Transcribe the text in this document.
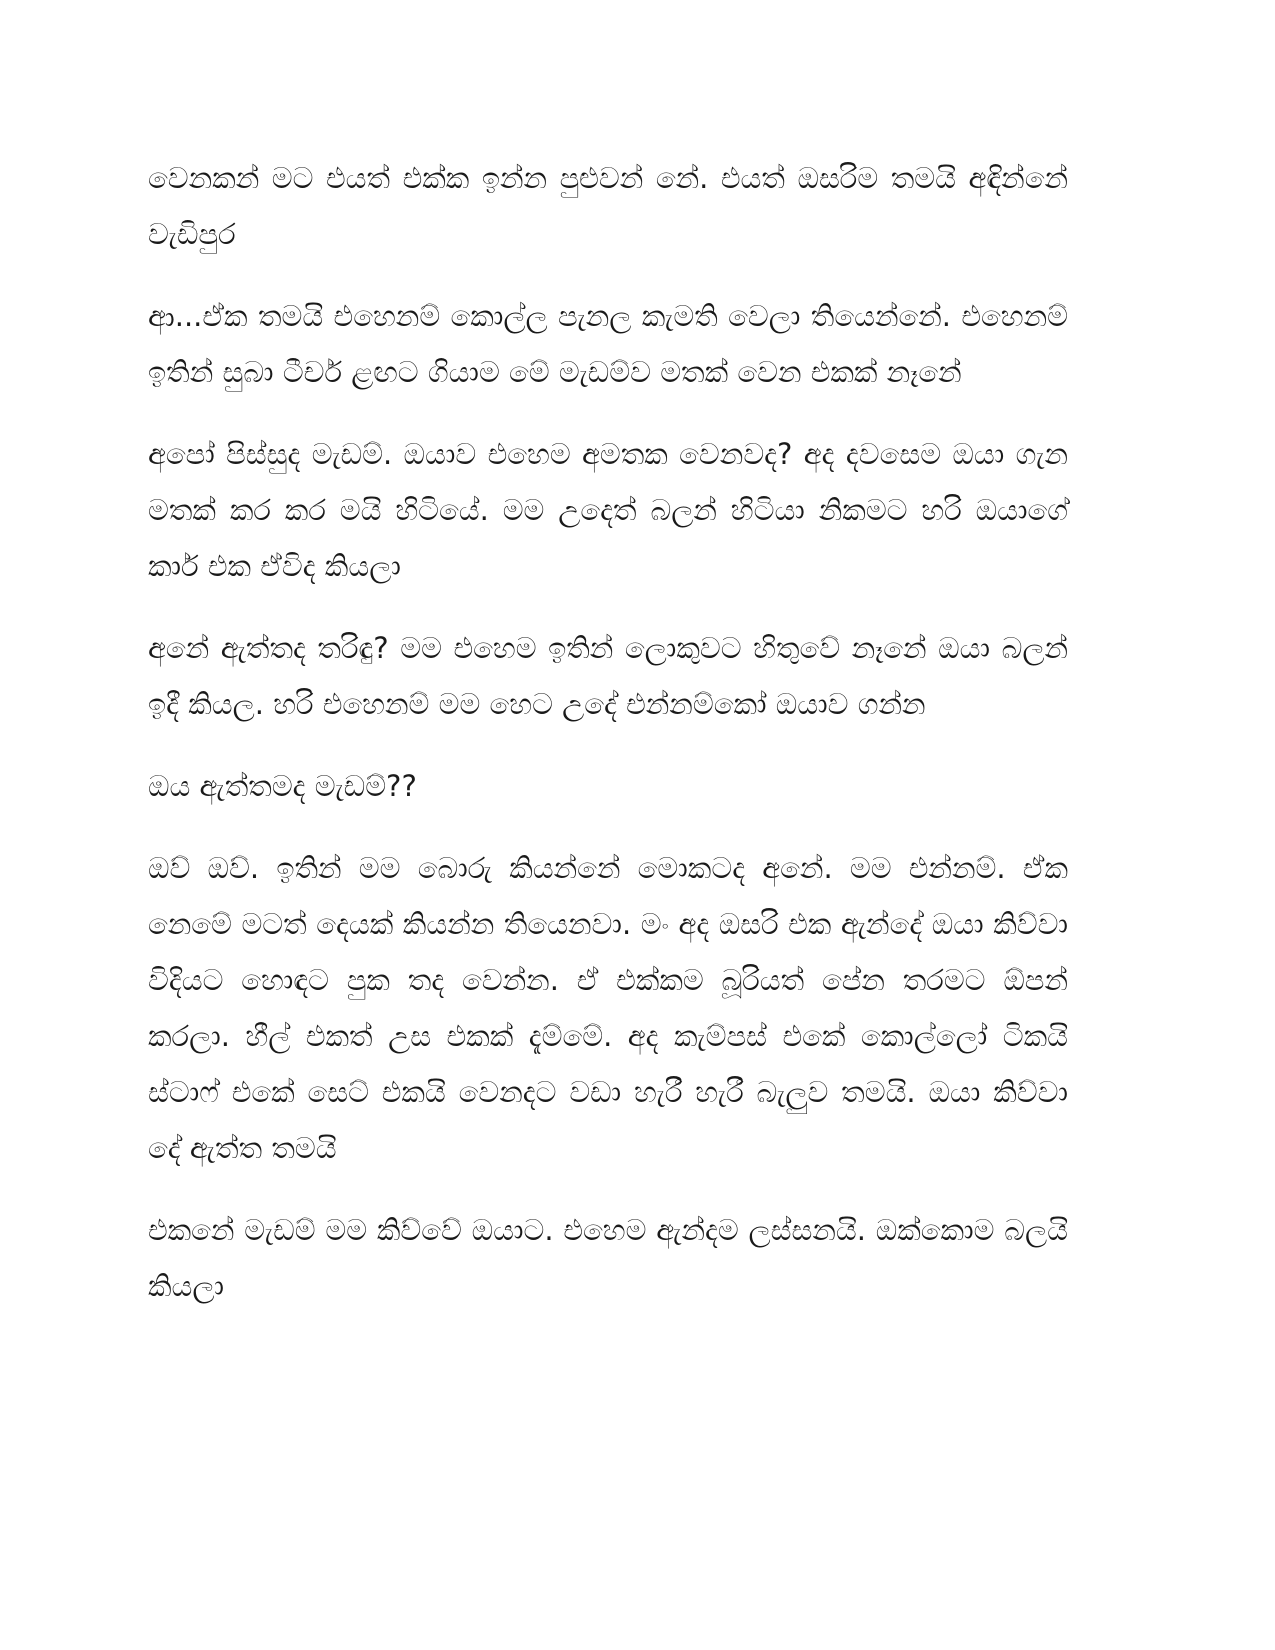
වෙනකන් මට එයත් එක්ක ඉන්න පුළුවන් නේ. එයත් ඔසරිම තමයි අඳින්නේ වැඩිපුර

ආ...ඒක තමයි එහෙනම් කොල්ල පැනල කැමති වෙලා තියෙන්නේ. එහෙනම් ඉතින් සුබා ටීචර් ළඟට ගියාම මේ මැඩම්ව මතක් වෙන එකක් නෑනේ

අපෝ පිස්සුද මැඩම්. ඔයාව එහෙම අමතක වෙනවද? අද දවසෙම ඔයා ගැන මතක් කර කර මයි හිටියේ. මම උදෙත් බලන් හිටියා නිකමට හරි ඔයාගේ කාර් එක ඒවිද කියලා

අනේ ඇත්තද තරිඳු? මම එහෙම ඉතින් ලොකුවට හිතුවේ නෑනේ ඔයා බලන් ඉදී කියල. හරි එහෙනම් මම හෙට උදේ එන්නම්කෝ ඔයාව ගන්න

ඔය ඇත්තමද මැඩම්??

ඔව් ඔව්. ඉතින් මම බොරු කියන්නේ මොකටද අනේ. මම එන්නම්. ඒක නෙමේ මටත් දෙයක් කියන්න තියෙනවා. මං අද ඔසරි එක ඇන්දේ ඔයා කිව්වා විදියට හොඳට පුක තද වෙන්න. ඒ එක්කම බූරියත් පේන තරමට ඕපන් කරලා. හීල් එකත් උස එකක් දැම්මේ. අද කැම්පස් එකේ කොල්ලෝ ටිකයි ස්ටාෆ් එකේ සෙට් එකයි වෙනදට වඩා හැරී හැරී බැලුව තමයි. ඔයා කිව්වා දේ ඇත්ත තමයි

එකනේ මැඩම් මම කිව්වේ ඔයාට. එහෙම ඇන්දම ලස්සනයි. ඔක්කොම බලයි කියලා
